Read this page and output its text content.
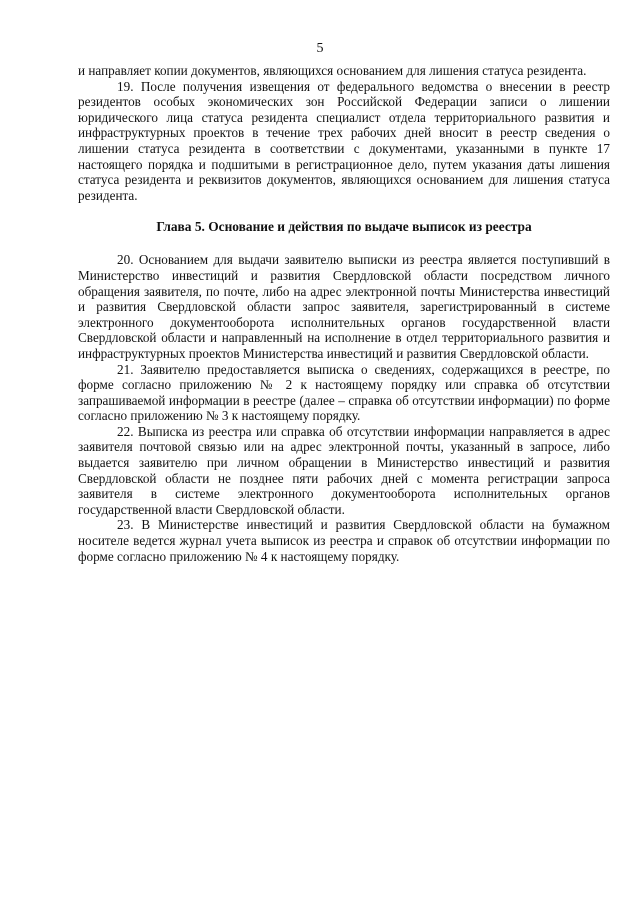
5

и направляет копии документов, являющихся основанием для лишения статуса резидента.

19. После получения извещения от федерального ведомства о внесении в реестр резидентов особых экономических зон Российской Федерации записи о лишении юридического лица статуса резидента специалист отдела территориального развития и инфраструктурных проектов в течение трех рабочих дней вносит в реестр сведения о лишении статуса резидента в соответствии с документами, указанными в пункте 17 настоящего порядка и подшитыми в регистрационное дело, путем указания даты лишения статуса резидента и реквизитов документов, являющихся основанием для лишения статуса резидента.

Глава 5. Основание и действия по выдаче выписок из реестра

20. Основанием для выдачи заявителю выписки из реестра является поступивший в Министерство инвестиций и развития Свердловской области посредством личного обращения заявителя, по почте, либо на адрес электронной почты Министерства инвестиций и развития Свердловской области запрос заявителя, зарегистрированный в системе электронного документооборота исполнительных органов государственной власти Свердловской области и направленный на исполнение в отдел территориального развития и инфраструктурных проектов Министерства инвестиций и развития Свердловской области.

21. Заявителю предоставляется выписка о сведениях, содержащихся в реестре, по форме согласно приложению № 2 к настоящему порядку или справка об отсутствии запрашиваемой информации в реестре (далее – справка об отсутствии информации) по форме согласно приложению № 3 к настоящему порядку.

22. Выписка из реестра или справка об отсутствии информации направляется в адрес заявителя почтовой связью или на адрес электронной почты, указанный в запросе, либо выдается заявителю при личном обращении в Министерство инвестиций и развития Свердловской области не позднее пяти рабочих дней с момента регистрации запроса заявителя в системе электронного документооборота исполнительных органов государственной власти Свердловской области.

23. В Министерстве инвестиций и развития Свердловской области на бумажном носителе ведется журнал учета выписок из реестра и справок об отсутствии информации по форме согласно приложению № 4 к настоящему порядку.
